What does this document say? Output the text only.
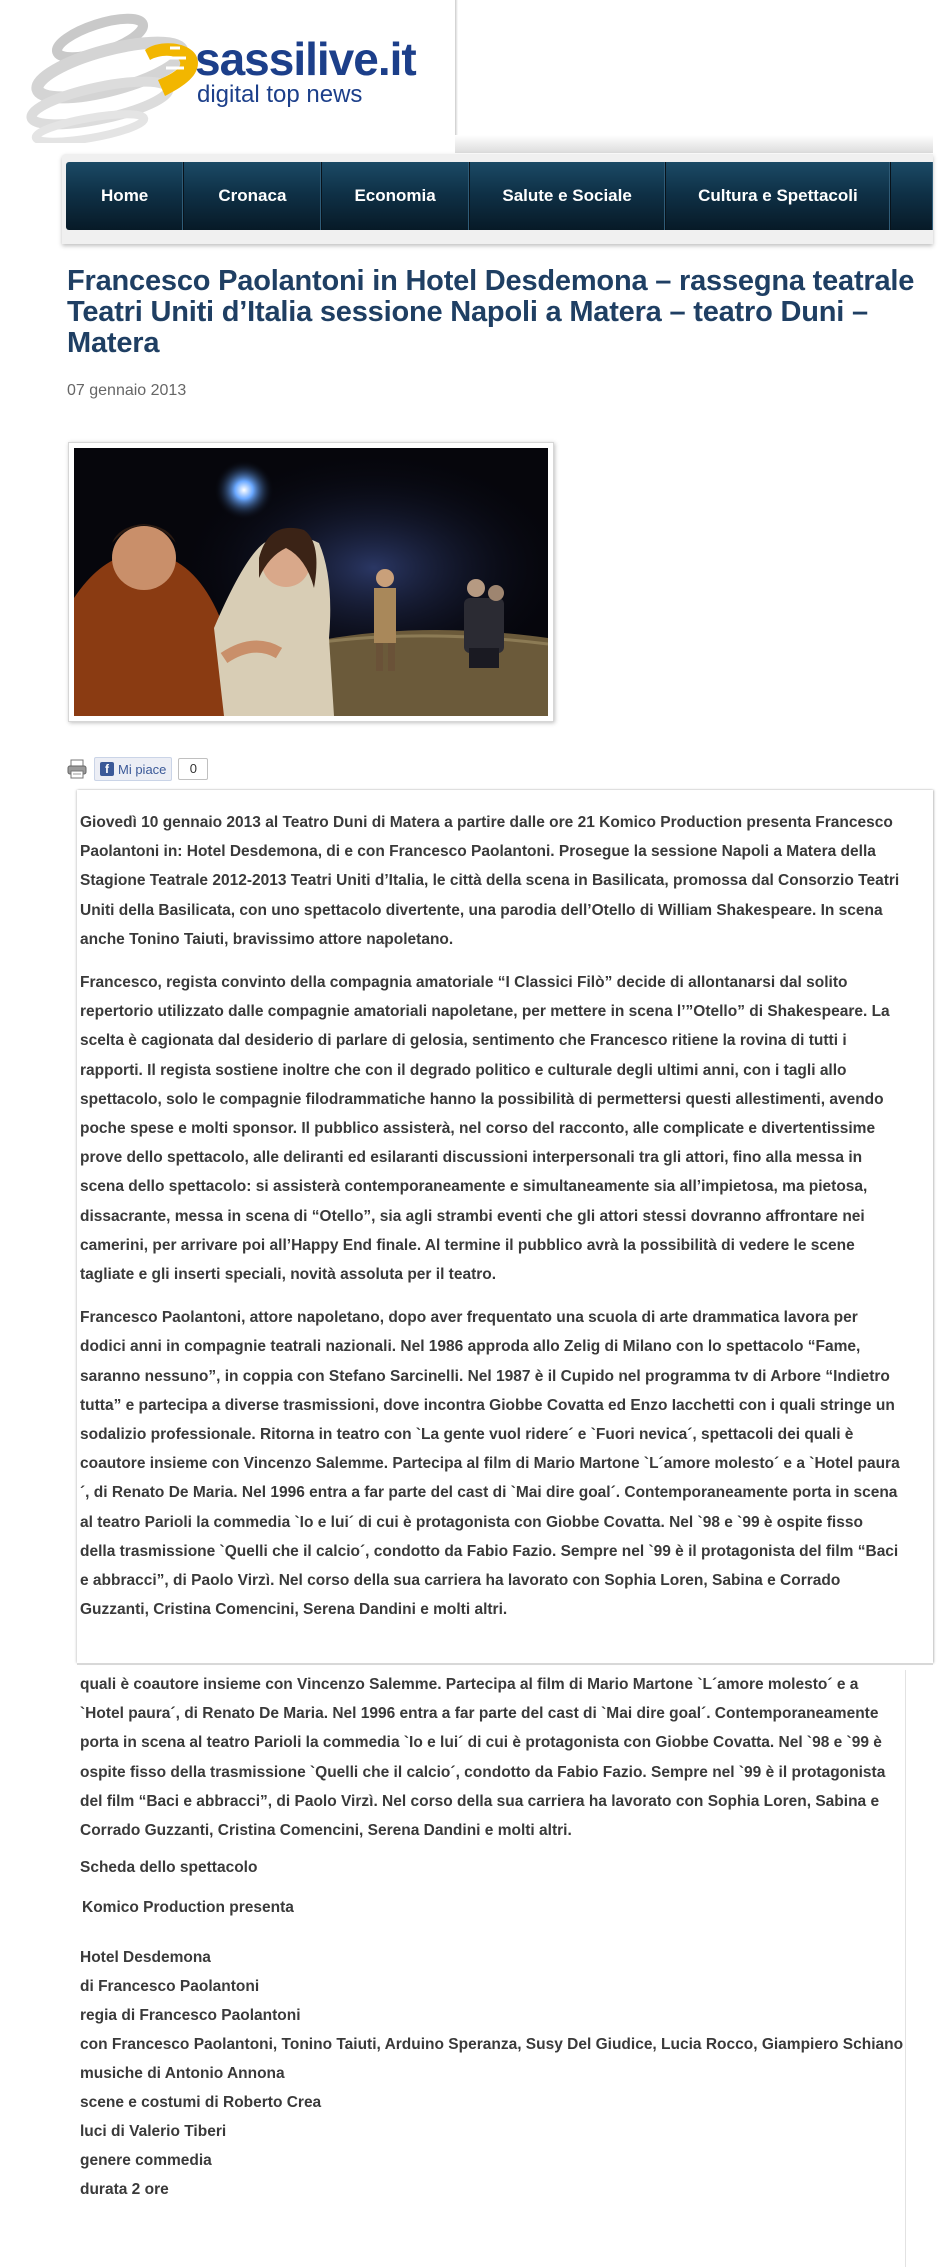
sassilive.it
digital top news
Home	Cronaca	Economia	Salute e Sociale	Cultura e Spettacoli
Francesco Paolantoni in Hotel Desdemona – rassegna teatrale Teatri Uniti d’Italia sessione Napoli a Matera – teatro Duni – Matera
07 gennaio 2013
f Mi piace	0

Giovedì 10 gennaio 2013 al Teatro Duni di Matera a partire dalle ore 21 Komico Production presenta Francesco Paolantoni in: Hotel Desdemona, di e con Francesco Paolantoni. Prosegue la sessione Napoli a Matera della Stagione Teatrale 2012-2013 Teatri Uniti d’Italia, le città della scena in Basilicata, promossa dal Consorzio Teatri Uniti della Basilicata, con uno spettacolo divertente, una parodia dell’Otello di William Shakespeare. In scena anche Tonino Taiuti, bravissimo attore napoletano.

Francesco, regista convinto della compagnia amatoriale “I Classici Filò” decide di allontanarsi dal solito repertorio utilizzato dalle compagnie amatoriali napoletane, per mettere in scena l’”Otello” di Shakespeare. La scelta è cagionata dal desiderio di parlare di gelosia, sentimento che Francesco ritiene la rovina di tutti i rapporti. Il regista sostiene inoltre che con il degrado politico e culturale degli ultimi anni, con i tagli allo spettacolo, solo le compagnie filodrammatiche hanno la possibilità di permettersi questi allestimenti, avendo poche spese e molti sponsor. Il pubblico assisterà, nel corso del racconto, alle complicate e divertentissime prove dello spettacolo, alle deliranti ed esilaranti discussioni interpersonali tra gli attori, fino alla messa in scena dello spettacolo: si assisterà contemporaneamente e simultaneamente sia all’impietosa, ma pietosa, dissacrante, messa in scena di “Otello”, sia agli strambi eventi che gli attori stessi dovranno affrontare nei camerini, per arrivare poi all’Happy End finale. Al termine il pubblico avrà la possibilità di vedere le scene tagliate e gli inserti speciali, novità assoluta per il teatro.

Francesco Paolantoni, attore napoletano, dopo aver frequentato una scuola di arte drammatica lavora per dodici anni in compagnie teatrali nazionali. Nel 1986 approda allo Zelig di Milano con lo spettacolo “Fame, saranno nessuno”, in coppia con Stefano Sarcinelli. Nel 1987 è il Cupido nel programma tv di Arbore “Indietro tutta” e partecipa a diverse trasmissioni, dove incontra Giobbe Covatta ed Enzo Iacchetti con i quali stringe un sodalizio professionale. Ritorna in teatro con `La gente vuol ridere´ e `Fuori nevica´, spettacoli dei quali è coautore insieme con Vincenzo Salemme. Partecipa al film di Mario Martone `L´amore molesto´ e a `Hotel paura´, di Renato De Maria. Nel 1996 entra a far parte del cast di `Mai dire goal´. Contemporaneamente porta in scena al teatro Parioli la commedia `Io e lui´ di cui è protagonista con Giobbe Covatta. Nel `98 e `99 è ospite fisso della trasmissione `Quelli che il calcio´, condotto da Fabio Fazio. Sempre nel `99 è il protagonista del film “Baci e abbracci”, di Paolo Virzì. Nel corso della sua carriera ha lavorato con Sophia Loren, Sabina e Corrado Guzzanti, Cristina Comencini, Serena Dandini e molti altri.

quali è coautore insieme con Vincenzo Salemme. Partecipa al film di Mario Martone `L´amore molesto´ e a `Hotel paura´, di Renato De Maria. Nel 1996 entra a far parte del cast di `Mai dire goal´. Contemporaneamente porta in scena al teatro Parioli la commedia `Io e lui´ di cui è protagonista con Giobbe Covatta. Nel `98 e `99 è ospite fisso della trasmissione `Quelli che il calcio´, condotto da Fabio Fazio. Sempre nel `99 è il protagonista del film “Baci e abbracci”, di Paolo Virzì. Nel corso della sua carriera ha lavorato con Sophia Loren, Sabina e Corrado Guzzanti, Cristina Comencini, Serena Dandini e molti altri.

Scheda dello spettacolo

Komico Production presenta

Hotel Desdemona

di Francesco Paolantoni

regia di Francesco Paolantoni

con Francesco Paolantoni, Tonino Taiuti, Arduino Speranza, Susy Del Giudice, Lucia Rocco, Giampiero Schiano

musiche di Antonio Annona

scene e costumi di Roberto Crea

luci di Valerio Tiberi

genere commedia

durata 2 ore
